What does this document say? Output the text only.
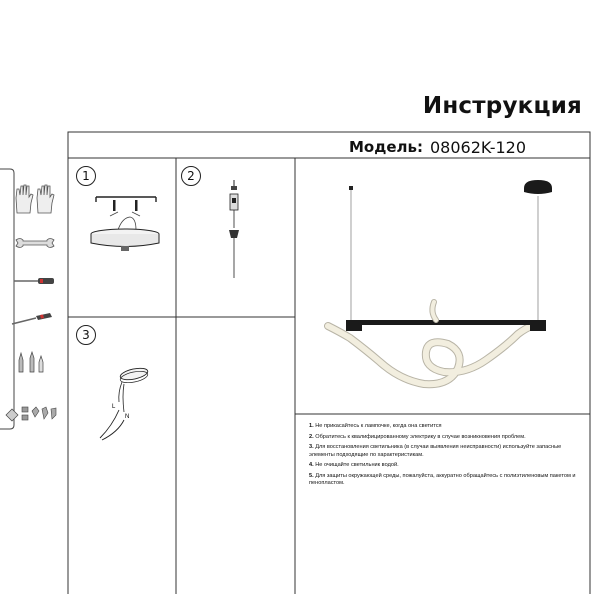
Инструкция
Модель: 08062K-120
1	2
3
L
N
1. Не прикасайтесь к лампочке, когда она светится
2. Обратитесь к квалифицированному электрику в случае возникновения проблем.
3. Для восстановления светильника (в случаи выявления неисправности) используйте запасные элементы подходящие по характеристикам.
4. Не очищайте светильник водой.
5. Для защиты окружающей среды, пожалуйста, аккуратно обращайтесь с полиэтиленовым пакетом и пенопластом.
